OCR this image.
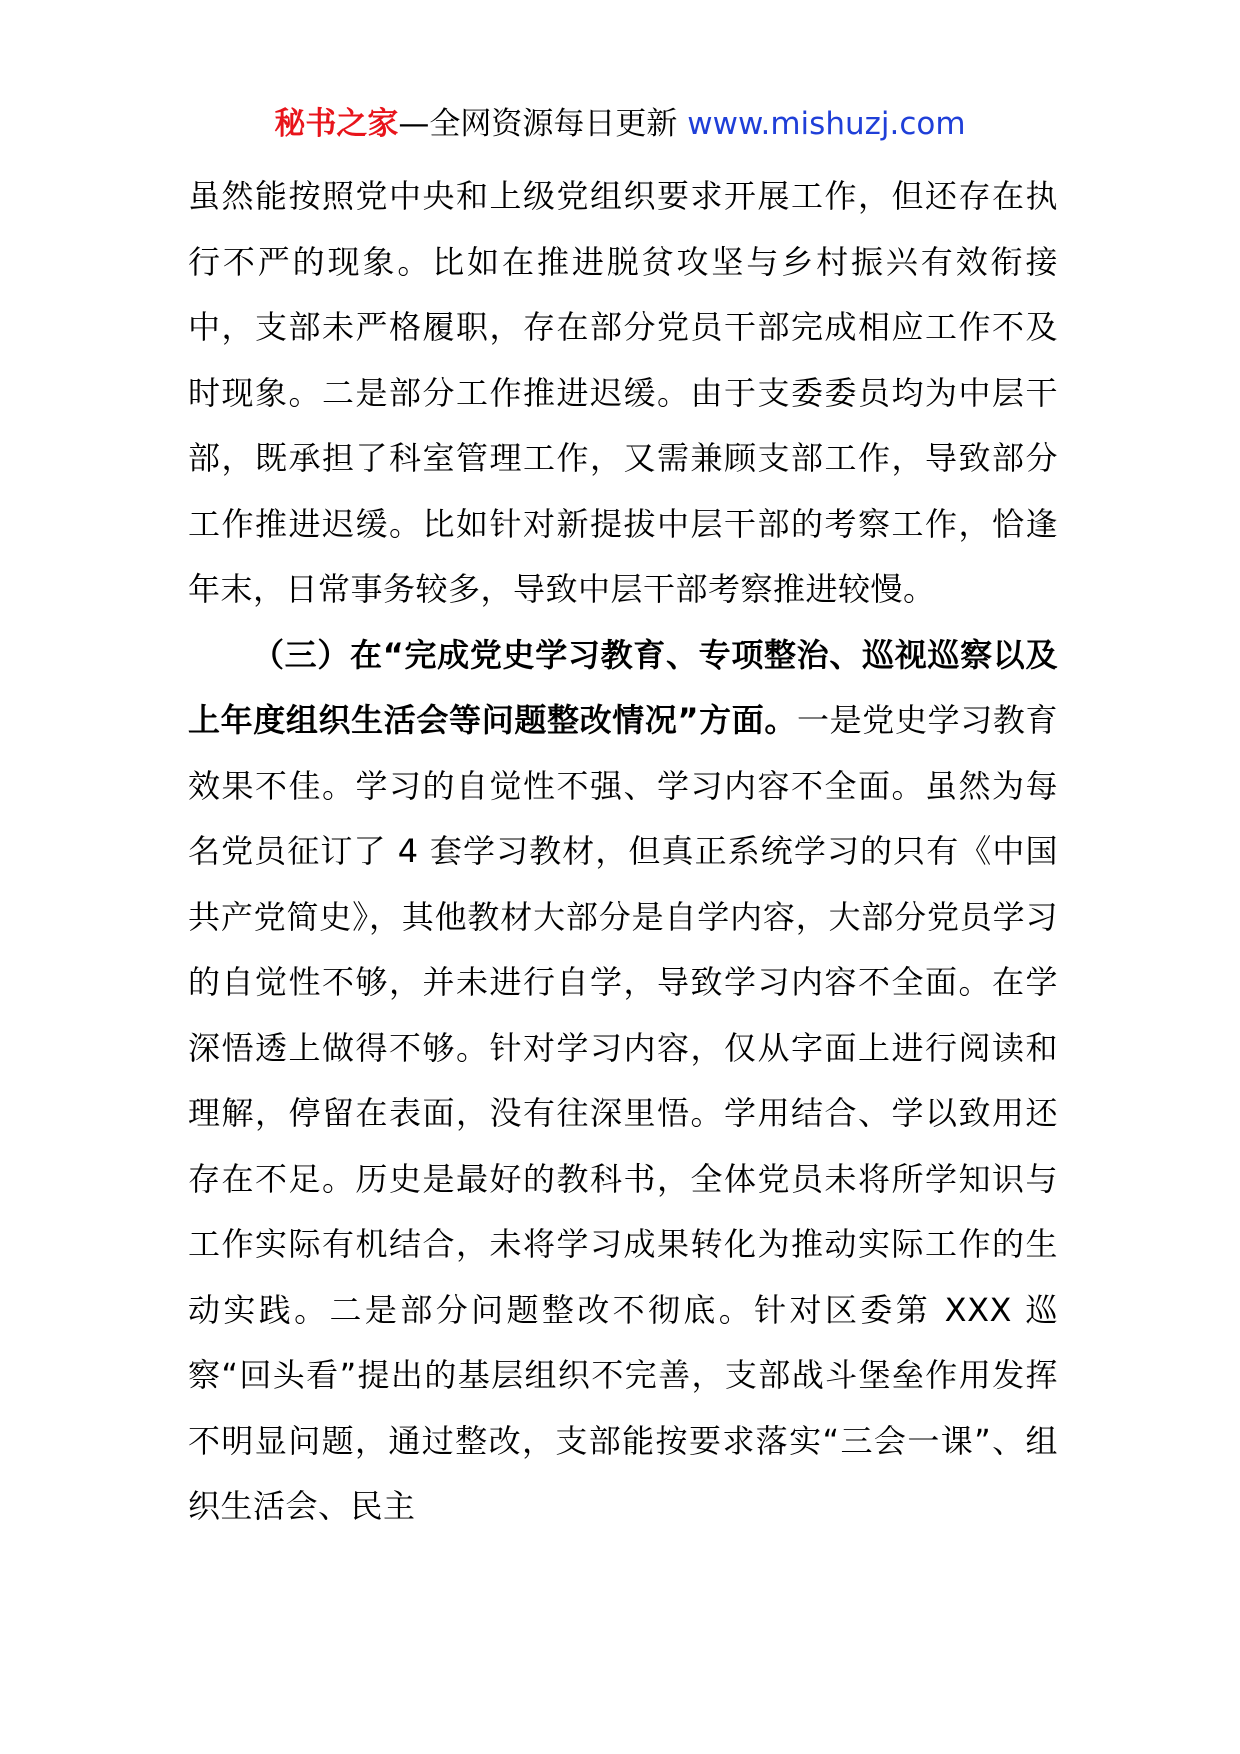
秘书之家—全网资源每日更新 www.mishuzj.com

虽然能按照党中央和上级党组织要求开展工作，但还存在执行不严的现象。比如在推进脱贫攻坚与乡村振兴有效衔接中，支部未严格履职，存在部分党员干部完成相应工作不及时现象。二是部分工作推进迟缓。由于支委委员均为中层干部，既承担了科室管理工作，又需兼顾支部工作，导致部分工作推进迟缓。比如针对新提拔中层干部的考察工作，恰逢年末，日常事务较多，导致中层干部考察推进较慢。

（三）在“完成党史学习教育、专项整治、巡视巡察以及上年度组织生活会等问题整改情况”方面。一是党史学习教育效果不佳。学习的自觉性不强、学习内容不全面。虽然为每名党员征订了 4 套学习教材，但真正系统学习的只有《中国共产党简史》，其他教材大部分是自学内容，大部分党员学习的自觉性不够，并未进行自学，导致学习内容不全面。在学深悟透上做得不够。针对学习内容，仅从字面上进行阅读和理解，停留在表面，没有往深里悟。学用结合、学以致用还存在不足。历史是最好的教科书，全体党员未将所学知识与工作实际有机结合，未将学习成果转化为推动实际工作的生动实践。二是部分问题整改不彻底。针对区委第 XXX 巡察“回头看”提出的基层组织不完善，支部战斗堡垒作用发挥不明显问题，通过整改，支部能按要求落实“三会一课”、组织生活会、民主
